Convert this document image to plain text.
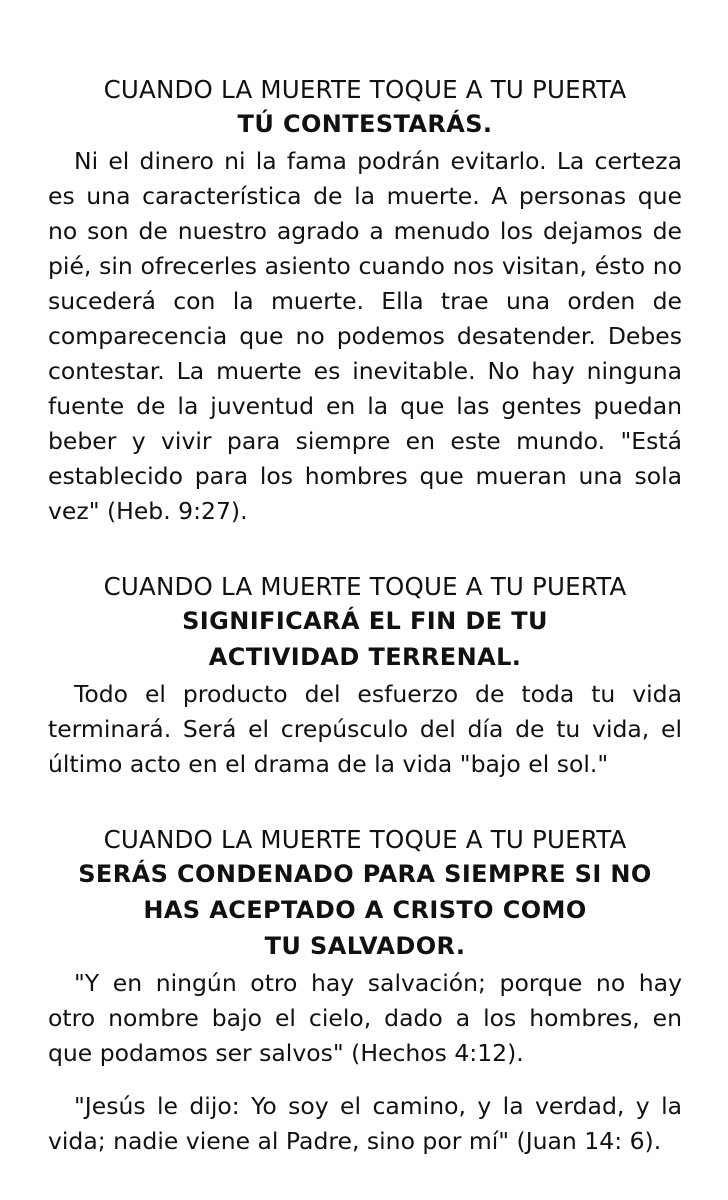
CUANDO LA MUERTE TOQUE A TU PUERTA
TÚ CONTESTARÁS.

Ni el dinero ni la fama podrán evitarlo. La certeza es una característica de la muerte. A personas que no son de nuestro agrado a menudo los dejamos de pié, sin ofrecerles asiento cuando nos visitan, ésto no sucederá con la muerte. Ella trae una orden de comparecencia que no podemos desatender. Debes contestar. La muerte es inevitable. No hay ninguna fuente de la juventud en la que las gentes puedan beber y vivir para siempre en este mundo. "Está establecido para los hombres que mueran una sola vez" (Heb. 9:27).

CUANDO LA MUERTE TOQUE A TU PUERTA
SIGNIFICARÁ EL FIN DE TU
ACTIVIDAD TERRENAL.

Todo el producto del esfuerzo de toda tu vida terminará. Será el crepúsculo del día de tu vida, el último acto en el drama de la vida "bajo el sol."

CUANDO LA MUERTE TOQUE A TU PUERTA
SERÁS CONDENADO PARA SIEMPRE SI NO
HAS ACEPTADO A CRISTO COMO
TU SALVADOR.

"Y en ningún otro hay salvación; porque no hay otro nombre bajo el cielo, dado a los hombres, en que podamos ser salvos" (Hechos 4:12).

"Jesús le dijo: Yo soy el camino, y la verdad, y la vida; nadie viene al Padre, sino por mí" (Juan 14: 6).
